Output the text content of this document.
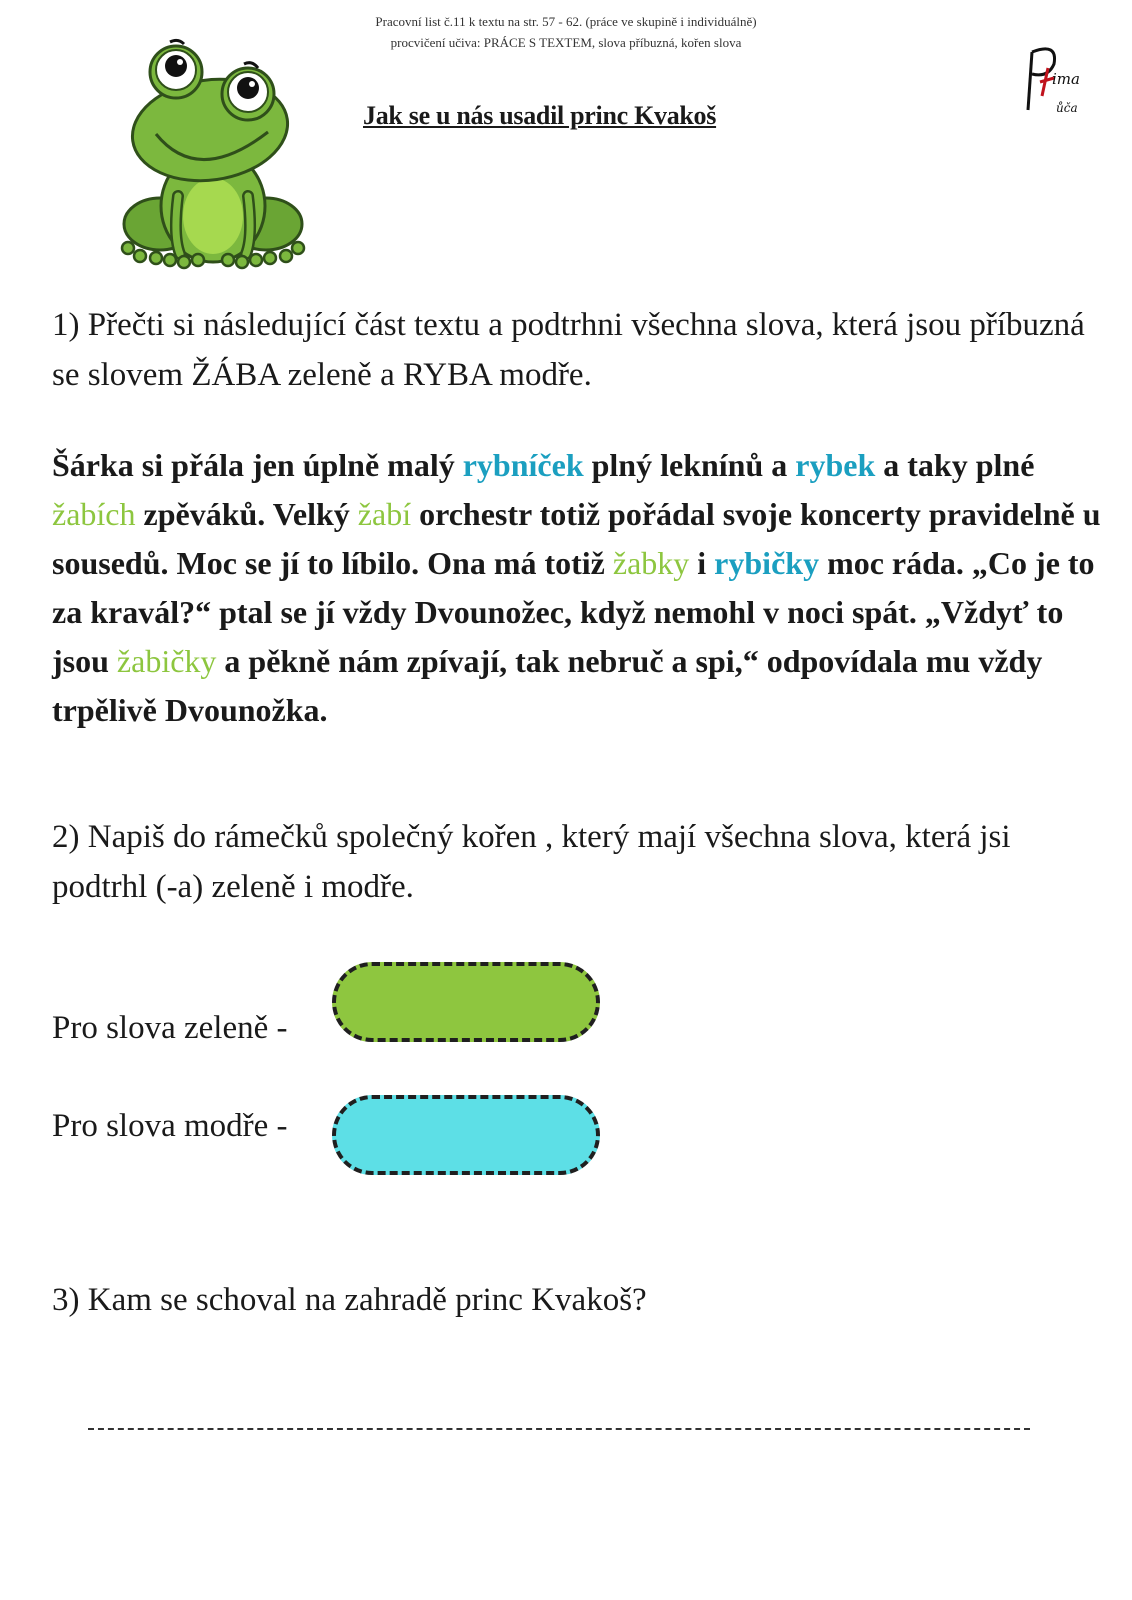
Pracovní list č.11 k textu na str. 57 - 62. (práce ve skupině i individuálně)
procvičení učiva: PRÁCE S TEXTEM, slova příbuzná, kořen slova
Jak se u nás usadil princ Kvakoš
ima
ůča
1) Přečti si následující část textu a podtrhni všechna slova, která jsou příbuzná se slovem ŽÁBA zeleně a RYBA modře.
Šárka si přála jen úplně malý rybníček plný leknínů a rybek a taky plné žabích zpěváků. Velký žabí orchestr totiž pořádal svoje koncerty pravidelně u sousedů. Moc se jí to líbilo. Ona má totiž žabky i rybičky moc ráda. „Co je to za kravál?“ ptal se jí vždy Dvounožec, když nemohl v noci spát. „Vždyť to jsou žabičky a pěkně nám zpívají, tak nebruč a spi,“ odpovídala mu vždy trpělivě Dvounožka.
2) Napiš do rámečků společný kořen , který mají všechna slova, která jsi podtrhl (-a) zeleně i modře.
Pro slova zeleně -
Pro slova modře -
3) Kam se schoval na zahradě princ Kvakoš?
